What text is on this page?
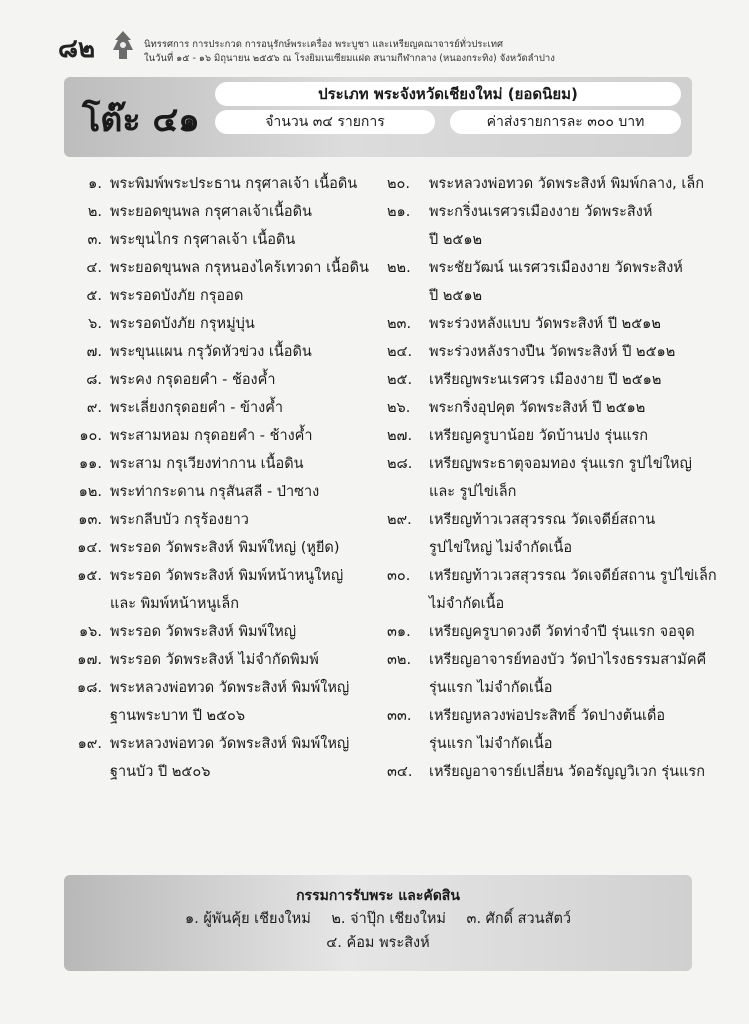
๘๒	นิทรรศการ การประกวด การอนุรักษ์พระเครื่อง พระบูชา และเหรียญคณาจารย์ทั่วประเทศ
ในวันที่ ๑๕ - ๑๖ มิถุนายน ๒๕๕๖ ณ โรงยิมเนเซียมแฝด สนามกีฬากลาง (หนองกระทิง) จังหวัดลำปาง
โต๊ะ ๔๑
ประเภท พระจังหวัดเชียงใหม่ (ยอดนิยม)
จำนวน ๓๔ รายการ	ค่าส่งรายการละ ๓๐๐ บาท
๑. พระพิมพ์พระประธาน กรุศาลเจ้า เนื้อดิน
๒. พระยอดขุนพล กรุศาลเจ้าเนื้อดิน
๓. พระขุนไกร กรุศาลเจ้า เนื้อดิน
๔. พระยอดขุนพล กรุหนองไคร้เทวดา เนื้อดิน
๕. พระรอดบังภัย กรุออด
๖. พระรอดบังภัย กรุหมู่บุ่น
๗. พระขุนแผน กรุวัดหัวข่วง เนื้อดิน
๘. พระคง กรุดอยคำ - ช้องค้ำ
๙. พระเลี่ยงกรุดอยคำ - ข้างค้ำ
๑๐. พระสามหอม กรุดอยคำ - ช้างค้ำ
๑๑. พระสาม กรุเวียงท่ากาน เนื้อดิน
๑๒. พระท่ากระดาน กรุสันสลี - ป่าซาง
๑๓. พระกลีบบัว กรุร้องยาว
๑๔. พระรอด วัดพระสิงห์ พิมพ์ใหญ่ (หูยีด)
๑๕. พระรอด วัดพระสิงห์ พิมพ์หน้าหนูใหญ่
และ พิมพ์หน้าหนูเล็ก
๑๖. พระรอด วัดพระสิงห์ พิมพ์ใหญ่
๑๗. พระรอด วัดพระสิงห์ ไม่จำกัดพิมพ์
๑๘. พระหลวงพ่อทวด วัดพระสิงห์ พิมพ์ใหญ่
ฐานพระบาท ปี ๒๕๐๖
๑๙. พระหลวงพ่อทวด วัดพระสิงห์ พิมพ์ใหญ่
ฐานบัว ปี ๒๕๐๖
๒๐.	พระหลวงพ่อทวด วัดพระสิงห์ พิมพ์กลาง, เล็ก
๒๑.	พระกริ่งนเรศวรเมืองงาย วัดพระสิงห์
ปี ๒๕๑๒
๒๒.	พระชัยวัฒน์ นเรศวรเมืองงาย วัดพระสิงห์
ปี ๒๕๑๒
๒๓.	พระร่วงหลังแบบ วัดพระสิงห์ ปี ๒๕๑๒
๒๔.	พระร่วงหลังรางปืน วัดพระสิงห์ ปี ๒๕๑๒
๒๕.	เหรียญพระนเรศวร เมืองงาย ปี ๒๕๑๒
๒๖.	พระกริ่งอุปคุต วัดพระสิงห์ ปี ๒๕๑๒
๒๗.	เหรียญครูบาน้อย วัดบ้านปง รุ่นแรก
๒๘.	เหรียญพระธาตุจอมทอง รุ่นแรก รูปไข่ใหญ่
และ รูปไข่เล็ก
๒๙.	เหรียญท้าวเวสสุวรรณ วัดเจดีย์สถาน
รูปไข่ใหญ่ ไม่จำกัดเนื้อ
๓๐.	เหรียญท้าวเวสสุวรรณ วัดเจดีย์สถาน รูปไข่เล็ก
ไม่จำกัดเนื้อ
๓๑.	เหรียญครูบาดวงดี วัดท่าจำปี รุ่นแรก จอจุด
๓๒.	เหรียญอาจารย์ทองบัว วัดป่าไรงธรรมสามัคคี
รุ่นแรก ไม่จำกัดเนื้อ
๓๓.	เหรียญหลวงพ่อประสิทธิ์ วัดปางต้นเดื่อ
รุ่นแรก ไม่จำกัดเนื้อ
๓๔.	เหรียญอาจารย์เปลี่ยน วัดอรัญญวิเวก รุ่นแรก
กรรมการรับพระ และคัดสิน
๑. ผู้พันคุ้ย เชียงใหม่ ๒. จ่าปุ๊ก เชียงใหม่ ๓. ศักดิ์ สวนสัตว์
๔. ค้อม พระสิงห์
